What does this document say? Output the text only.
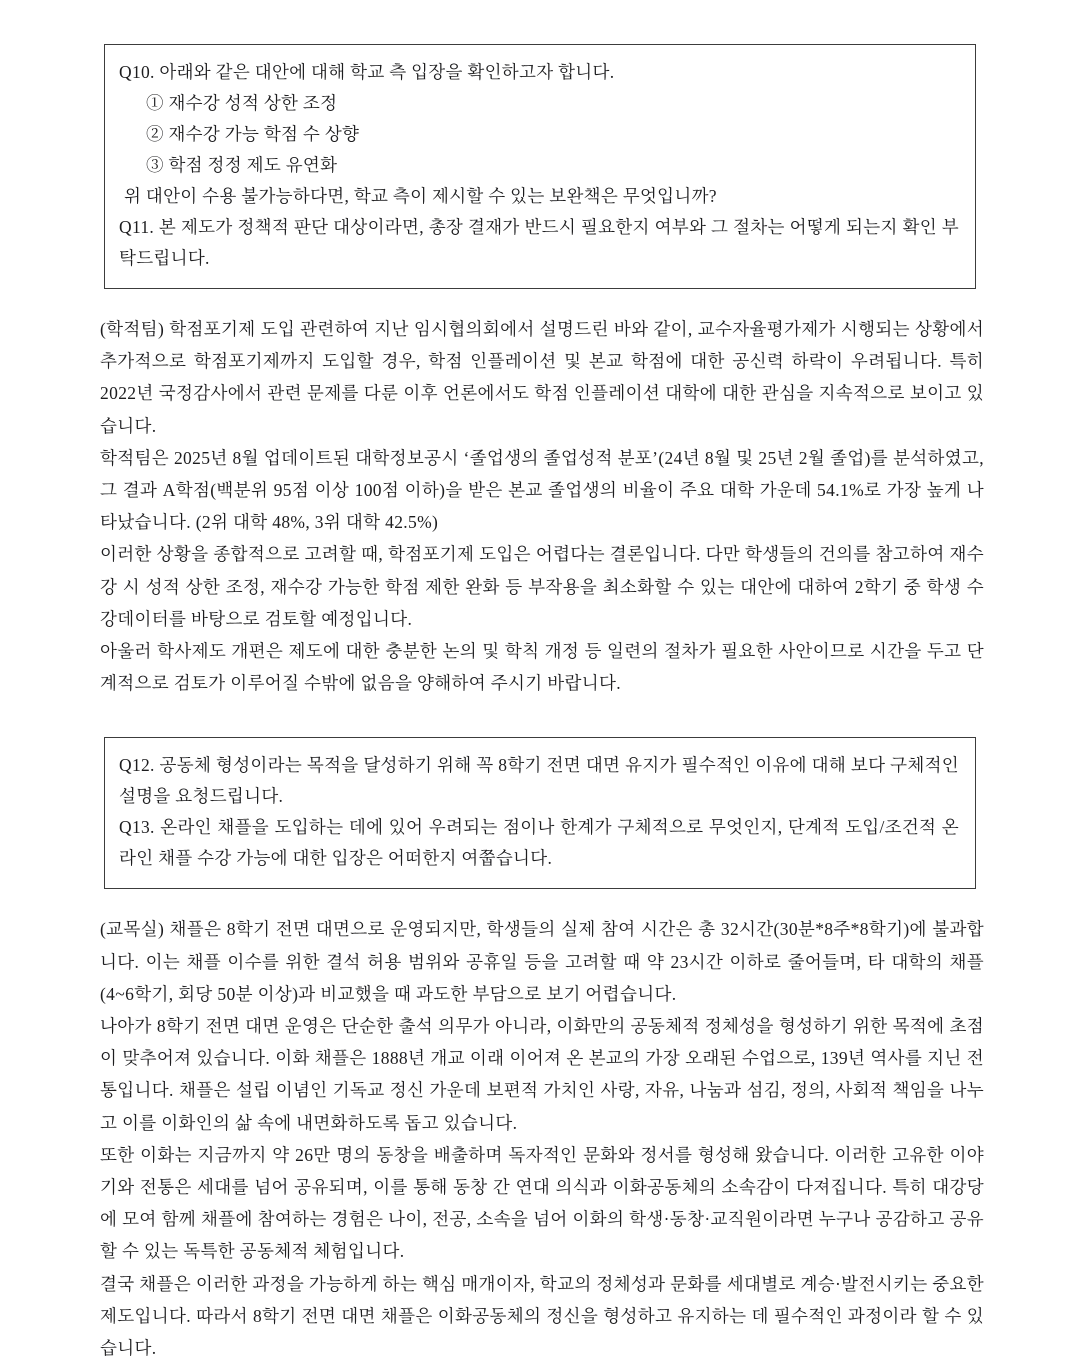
Q10. 아래와 같은 대안에 대해 학교 측 입장을 확인하고자 합니다.

① 재수강 성적 상한 조정

② 재수강 가능 학점 수 상향

③ 학점 정정 제도 유연화

위 대안이 수용 불가능하다면, 학교 측이 제시할 수 있는 보완책은 무엇입니까?

Q11. 본 제도가 정책적 판단 대상이라면, 총장 결재가 반드시 필요한지 여부와 그 절차는 어떻게 되는지 확인 부탁드립니다.

(학적팀) 학점포기제 도입 관련하여 지난 임시협의회에서 설명드린 바와 같이, 교수자율평가제가 시행되는 상황에서 추가적으로 학점포기제까지 도입할 경우, 학점 인플레이션 및 본교 학점에 대한 공신력 하락이 우려됩니다. 특히 2022년 국정감사에서 관련 문제를 다룬 이후 언론에서도 학점 인플레이션 대학에 대한 관심을 지속적으로 보이고 있습니다.

학적팀은 2025년 8월 업데이트된 대학정보공시 ‘졸업생의 졸업성적 분포’(24년 8월 및 25년 2월 졸업)를 분석하였고, 그 결과 A학점(백분위 95점 이상 100점 이하)을 받은 본교 졸업생의 비율이 주요 대학 가운데 54.1%로 가장 높게 나타났습니다. (2위 대학 48%, 3위 대학 42.5%)

이러한 상황을 종합적으로 고려할 때, 학점포기제 도입은 어렵다는 결론입니다. 다만 학생들의 건의를 참고하여 재수강 시 성적 상한 조정, 재수강 가능한 학점 제한 완화 등 부작용을 최소화할 수 있는 대안에 대하여 2학기 중 학생 수강데이터를 바탕으로 검토할 예정입니다.

아울러 학사제도 개편은 제도에 대한 충분한 논의 및 학칙 개정 등 일련의 절차가 필요한 사안이므로 시간을 두고 단계적으로 검토가 이루어질 수밖에 없음을 양해하여 주시기 바랍니다.

Q12. 공동체 형성이라는 목적을 달성하기 위해 꼭 8학기 전면 대면 유지가 필수적인 이유에 대해 보다 구체적인 설명을 요청드립니다.

Q13. 온라인 채플을 도입하는 데에 있어 우려되는 점이나 한계가 구체적으로 무엇인지, 단계적 도입/조건적 온라인 채플 수강 가능에 대한 입장은 어떠한지 여쭙습니다.

(교목실) 채플은 8학기 전면 대면으로 운영되지만, 학생들의 실제 참여 시간은 총 32시간(30분*8주*8학기)에 불과합니다. 이는 채플 이수를 위한 결석 허용 범위와 공휴일 등을 고려할 때 약 23시간 이하로 줄어들며, 타 대학의 채플(4~6학기, 회당 50분 이상)과 비교했을 때 과도한 부담으로 보기 어렵습니다.

나아가 8학기 전면 대면 운영은 단순한 출석 의무가 아니라, 이화만의 공동체적 정체성을 형성하기 위한 목적에 초점이 맞추어져 있습니다. 이화 채플은 1888년 개교 이래 이어져 온 본교의 가장 오래된 수업으로, 139년 역사를 지닌 전통입니다. 채플은 설립 이념인 기독교 정신 가운데 보편적 가치인 사랑, 자유, 나눔과 섬김, 정의, 사회적 책임을 나누고 이를 이화인의 삶 속에 내면화하도록 돕고 있습니다.

또한 이화는 지금까지 약 26만 명의 동창을 배출하며 독자적인 문화와 정서를 형성해 왔습니다. 이러한 고유한 이야기와 전통은 세대를 넘어 공유되며, 이를 통해 동창 간 연대 의식과 이화공동체의 소속감이 다져집니다. 특히 대강당에 모여 함께 채플에 참여하는 경험은 나이, 전공, 소속을 넘어 이화의 학생·동창·교직원이라면 누구나 공감하고 공유할 수 있는 독특한 공동체적 체험입니다.

결국 채플은 이러한 과정을 가능하게 하는 핵심 매개이자, 학교의 정체성과 문화를 세대별로 계승·발전시키는 중요한 제도입니다. 따라서 8학기 전면 대면 채플은 이화공동체의 정신을 형성하고 유지하는 데 필수적인 과정이라 할 수 있습니다.
